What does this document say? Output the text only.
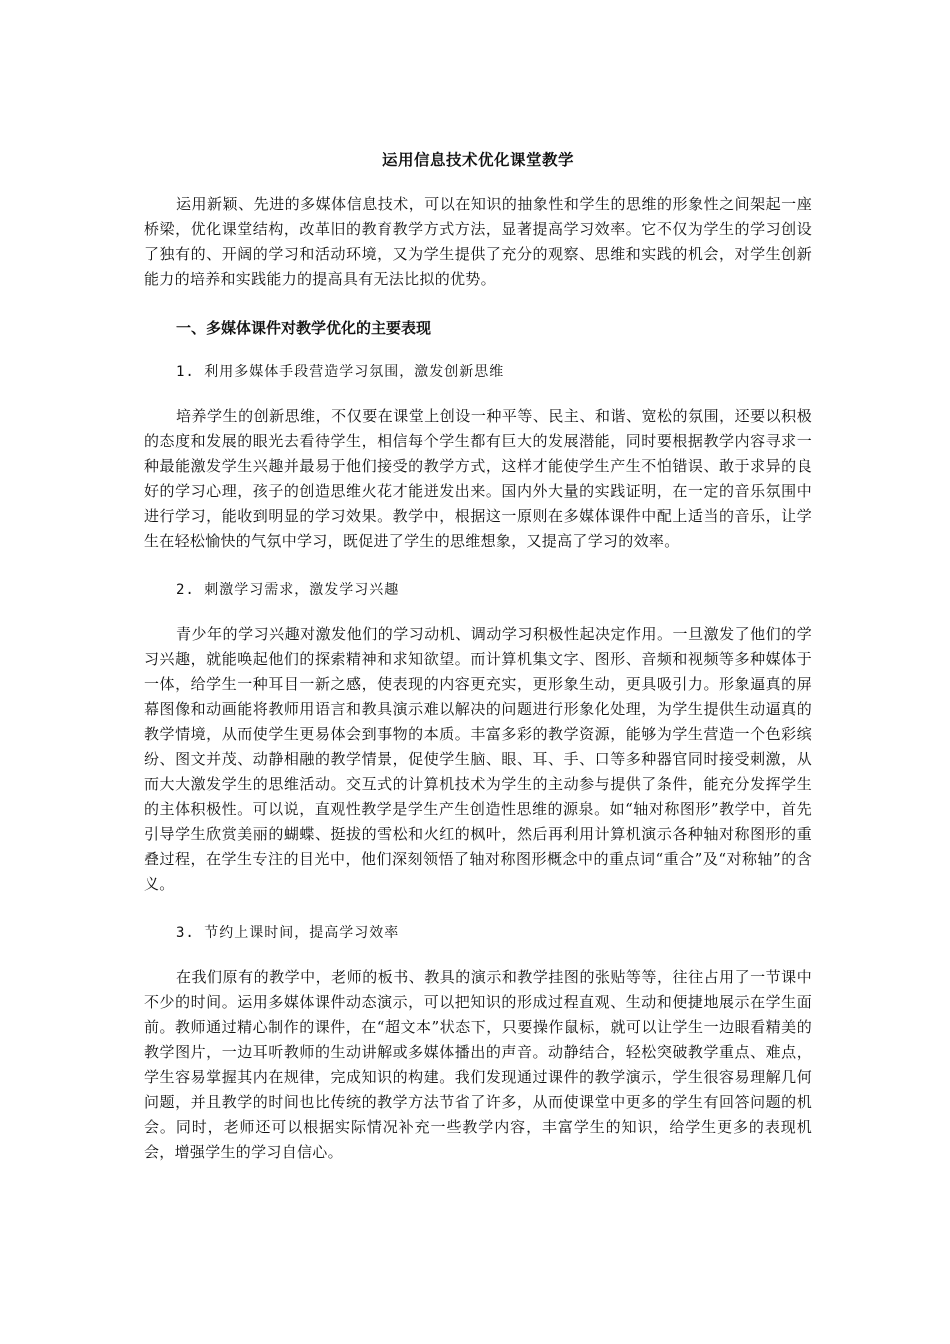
运用信息技术优化课堂教学

运用新颖、先进的多媒体信息技术，可以在知识的抽象性和学生的思维的形象性之间架起一座桥梁，优化课堂结构，改革旧的教育教学方式方法，显著提高学习效率。它不仅为学生的学习创设了独有的、开阔的学习和活动环境，又为学生提供了充分的观察、思维和实践的机会，对学生创新能力的培养和实践能力的提高具有无法比拟的优势。

一、多媒体课件对教学优化的主要表现
1. 利用多媒体手段营造学习氛围，激发创新思维

培养学生的创新思维，不仅要在课堂上创设一种平等、民主、和谐、宽松的氛围，还要以积极的态度和发展的眼光去看待学生，相信每个学生都有巨大的发展潜能，同时要根据教学内容寻求一种最能激发学生兴趣并最易于他们接受的教学方式，这样才能使学生产生不怕错误、敢于求异的良好的学习心理，孩子的创造思维火花才能迸发出来。国内外大量的实践证明，在一定的音乐氛围中进行学习，能收到明显的学习效果。教学中，根据这一原则在多媒体课件中配上适当的音乐，让学生在轻松愉快的气氛中学习，既促进了学生的思维想象，又提高了学习的效率。

2. 刺激学习需求，激发学习兴趣

青少年的学习兴趣对激发他们的学习动机、调动学习积极性起决定作用。一旦激发了他们的学习兴趣，就能唤起他们的探索精神和求知欲望。而计算机集文字、图形、音频和视频等多种媒体于一体，给学生一种耳目一新之感，使表现的内容更充实，更形象生动，更具吸引力。形象逼真的屏幕图像和动画能将教师用语言和教具演示难以解决的问题进行形象化处理，为学生提供生动逼真的教学情境，从而使学生更易体会到事物的本质。丰富多彩的教学资源，能够为学生营造一个色彩缤纷、图文并茂、动静相融的教学情景，促使学生脑、眼、耳、手、口等多种器官同时接受刺激，从而大大激发学生的思维活动。交互式的计算机技术为学生的主动参与提供了条件，能充分发挥学生的主体积极性。可以说，直观性教学是学生产生创造性思维的源泉。如“轴对称图形”教学中，首先引导学生欣赏美丽的蝴蝶、挺拔的雪松和火红的枫叶，然后再利用计算机演示各种轴对称图形的重叠过程，在学生专注的目光中，他们深刻领悟了轴对称图形概念中的重点词“重合”及“对称轴”的含义。

3. 节约上课时间，提高学习效率

在我们原有的教学中，老师的板书、教具的演示和教学挂图的张贴等等，往往占用了一节课中不少的时间。运用多媒体课件动态演示，可以把知识的形成过程直观、生动和便捷地展示在学生面前。教师通过精心制作的课件，在“超文本”状态下，只要操作鼠标，就可以让学生一边眼看精美的教学图片，一边耳听教师的生动讲解或多媒体播出的声音。动静结合，轻松突破教学重点、难点，学生容易掌握其内在规律，完成知识的构建。我们发现通过课件的教学演示，学生很容易理解几何问题，并且教学的时间也比传统的教学方法节省了许多，从而使课堂中更多的学生有回答问题的机会。同时，老师还可以根据实际情况补充一些教学内容，丰富学生的知识，给学生更多的表现机会，增强学生的学习自信心。
